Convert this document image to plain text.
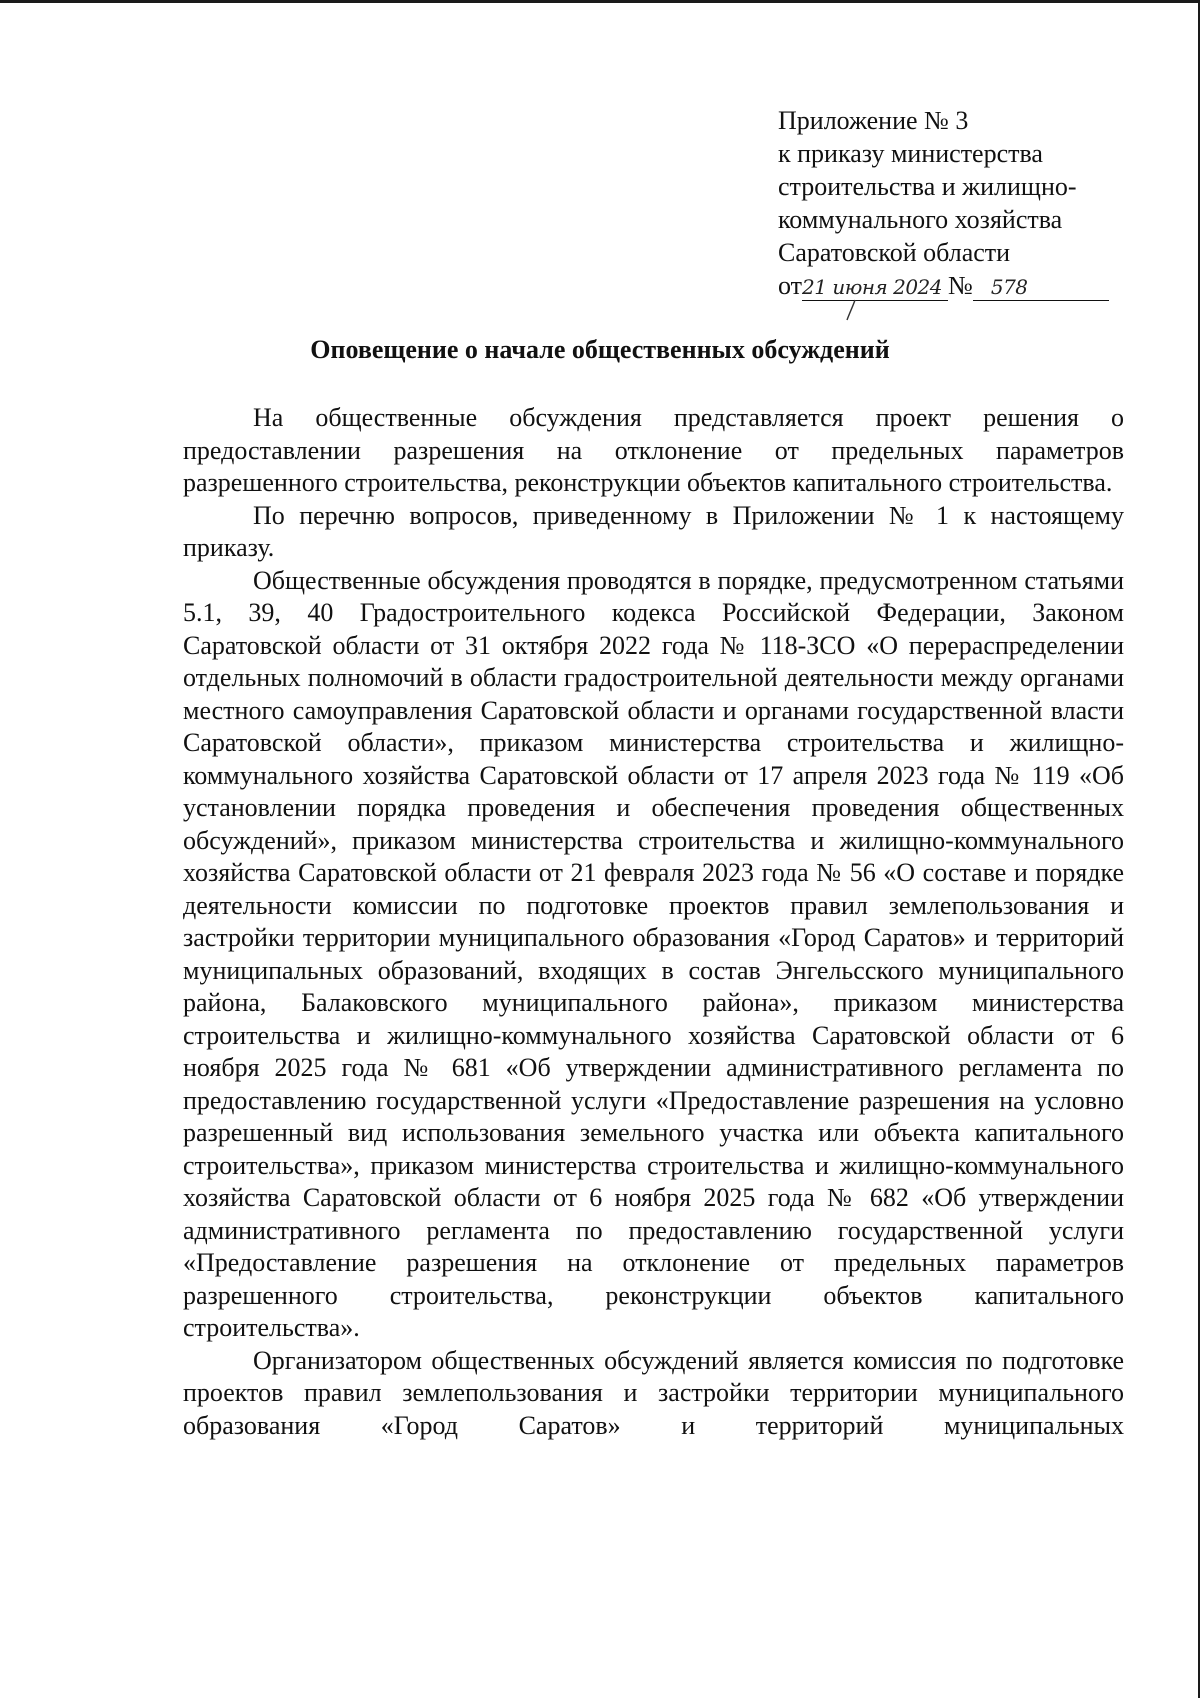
Приложение № 3
к приказу министерства
строительства и жилищно-
коммунального хозяйства
Саратовской области
от21 июня 2024 № 578
Оповещение о начале общественных обсуждений

На общественные обсуждения представляется проект решения о предоставлении разрешения на отклонение от предельных параметров разрешенного строительства, реконструкции объектов капитального строительства.

По перечню вопросов, приведенному в Приложении № 1 к настоящему приказу.

Общественные обсуждения проводятся в порядке, предусмотренном статьями 5.1, 39, 40 Градостроительного кодекса Российской Федерации, Законом Саратовской области от 31 октября 2022 года № 118-ЗСО «О перераспределении отдельных полномочий в области градостроительной деятельности между органами местного самоуправления Саратовской области и органами государственной власти Саратовской области», приказом министерства строительства и жилищно-коммунального хозяйства Саратовской области от 17 апреля 2023 года № 119 «Об установлении порядка проведения и обеспечения проведения общественных обсуждений», приказом министерства строительства и жилищно-коммунального хозяйства Саратовской области от 21 февраля 2023 года № 56 «О составе и порядке деятельности комиссии по подготовке проектов правил землепользования и застройки территории муниципального образования «Город Саратов» и территорий муниципальных образований, входящих в состав Энгельсского муниципального района, Балаковского муниципального района», приказом министерства строительства и жилищно-коммунального хозяйства Саратовской области от 6 ноября 2025 года № 681 «Об утверждении административного регламента по предоставлению государственной услуги «Предоставление разрешения на условно разрешенный вид использования земельного участка или объекта капитального строительства», приказом министерства строительства и жилищно-коммунального хозяйства Саратовской области от 6 ноября 2025 года № 682 «Об утверждении административного регламента по предоставлению государственной услуги «Предоставление разрешения на отклонение от предельных параметров разрешенного строительства, реконструкции объектов капитального строительства».

Организатором общественных обсуждений является комиссия по подготовке проектов правил землепользования и застройки территории муниципального образования «Город Саратов» и территорий муниципальных
